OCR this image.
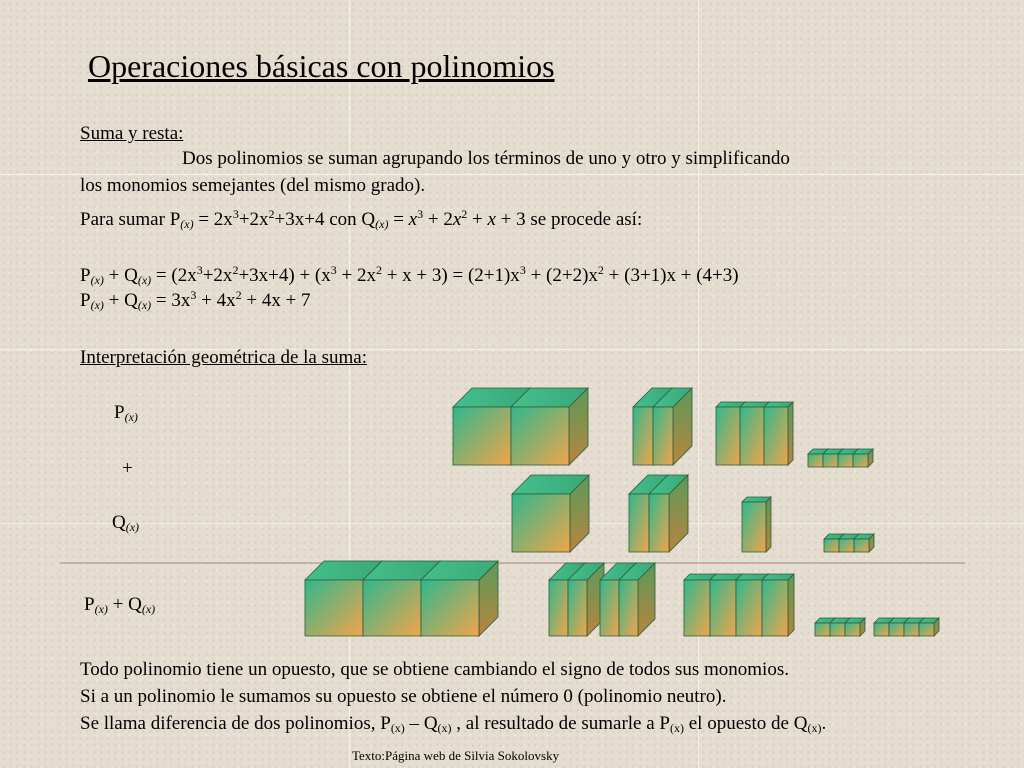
Operaciones básicas con polinomios
Suma y resta:
Dos polinomios se suman agrupando los términos de uno y otro y simplificando
los monomios semejantes (del mismo grado).
Para sumar $P_{(x)} = 2x^3+2x^2+3x+4$ con $Q_{(x)} = x^3 + 2x^2 + x + 3$ se procede así:
$P_{(x)} + Q_{(x)} = (2x^3+2x^2+3x+4) + (x^3 + 2x^2 + x + 3) = (2+1)x^3 + (2+2)x^2 + (3+1)x + (4+3)$
$P_{(x)} + Q_{(x)} = 3x^3 + 4x^2 + 4x + 7$
Interpretación geométrica de la suma:
$P_{(x)}$
+
$Q_{(x)}$
$P_{(x)} + Q_{(x)}$
Todo polinomio tiene un opuesto, que se obtiene cambiando el signo de todos sus monomios.
Si a un polinomio le sumamos su opuesto se obtiene el número 0 (polinomio neutro).
Se llama diferencia de dos polinomios, $P_{(x)} - Q_{(x)}$ , al resultado de sumarle a $P_{(x)}$ el opuesto de $Q_{(x)}$.
Texto:Página web de Silvia Sokolovsky
